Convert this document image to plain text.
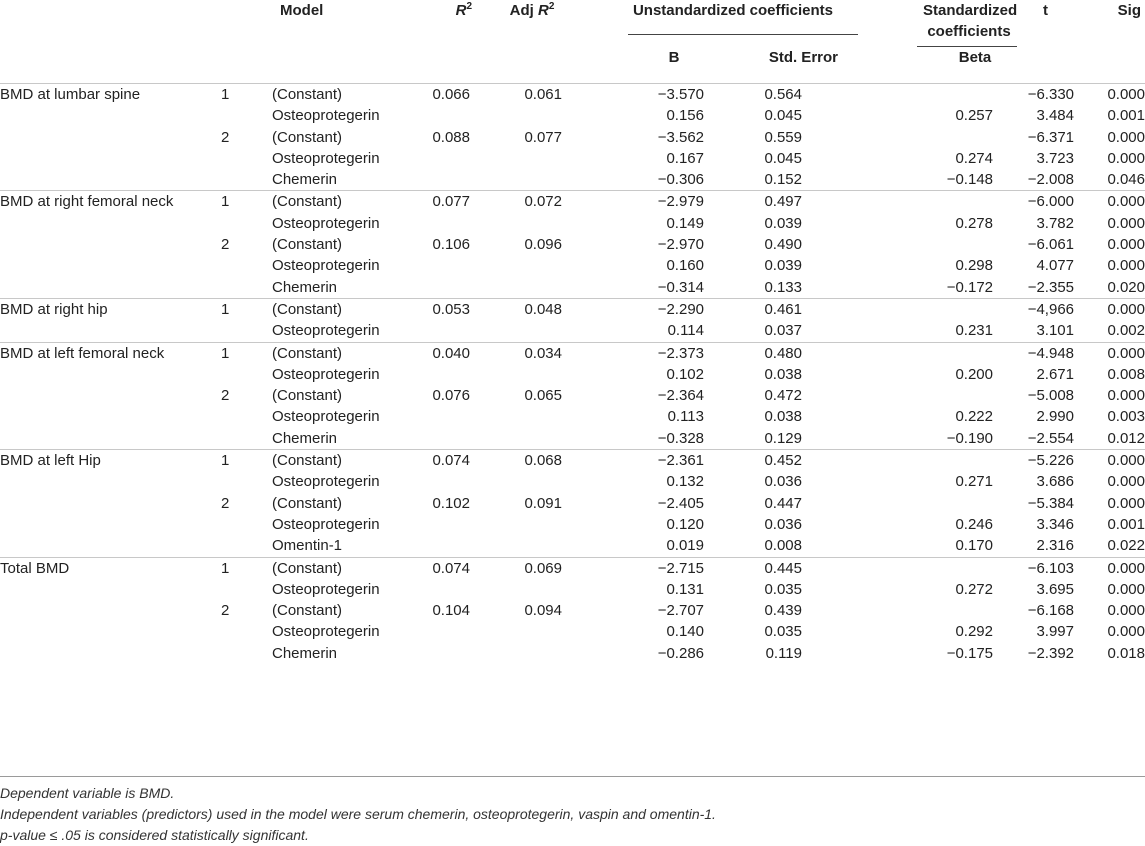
		Model	$R^2$	Adj $R^2$		Unstandardized coefficients			Standardized
coefficients		t	Sig
						B	Std. Error		Beta			
BMD at lumbar spine	1	(Constant)	0.066	0.061		−3.570	0.564				−6.330	0.000
		Osteoprotegerin				0.156	0.045		0.257		3.484	0.001
	2	(Constant)	0.088	0.077		−3.562	0.559				−6.371	0.000
		Osteoprotegerin				0.167	0.045		0.274		3.723	0.000
		Chemerin				−0.306	0.152		−0.148		−2.008	0.046
BMD at right femoral neck	1	(Constant)	0.077	0.072		−2.979	0.497				−6.000	0.000
		Osteoprotegerin				0.149	0.039		0.278		3.782	0.000
	2	(Constant)	0.106	0.096		−2.970	0.490				−6.061	0.000
		Osteoprotegerin				0.160	0.039		0.298		4.077	0.000
		Chemerin				−0.314	0.133		−0.172		−2.355	0.020
BMD at right hip	1	(Constant)	0.053	0.048		−2.290	0.461				−4,966	0.000
		Osteoprotegerin				0.114	0.037		0.231		3.101	0.002
BMD at left femoral neck	1	(Constant)	0.040	0.034		−2.373	0.480				−4.948	0.000
		Osteoprotegerin				0.102	0.038		0.200		2.671	0.008
	2	(Constant)	0.076	0.065		−2.364	0.472				−5.008	0.000
		Osteoprotegerin				0.113	0.038		0.222		2.990	0.003
		Chemerin				−0.328	0.129		−0.190		−2.554	0.012
BMD at left Hip	1	(Constant)	0.074	0.068		−2.361	0.452				−5.226	0.000
		Osteoprotegerin				0.132	0.036		0.271		3.686	0.000
	2	(Constant)	0.102	0.091		−2.405	0.447				−5.384	0.000
		Osteoprotegerin				0.120	0.036		0.246		3.346	0.001
		Omentin-1				0.019	0.008		0.170		2.316	0.022
Total BMD	1	(Constant)	0.074	0.069		−2.715	0.445				−6.103	0.000
		Osteoprotegerin				0.131	0.035		0.272		3.695	0.000
	2	(Constant)	0.104	0.094		−2.707	0.439				−6.168	0.000
		Osteoprotegerin				0.140	0.035		0.292		3.997	0.000
		Chemerin				−0.286	0.119		−0.175		−2.392	0.018
Dependent variable is BMD.
Independent variables (predictors) used in the model were serum chemerin, osteoprotegerin, vaspin and omentin-1.
p-value ≤ .05 is considered statistically significant.
